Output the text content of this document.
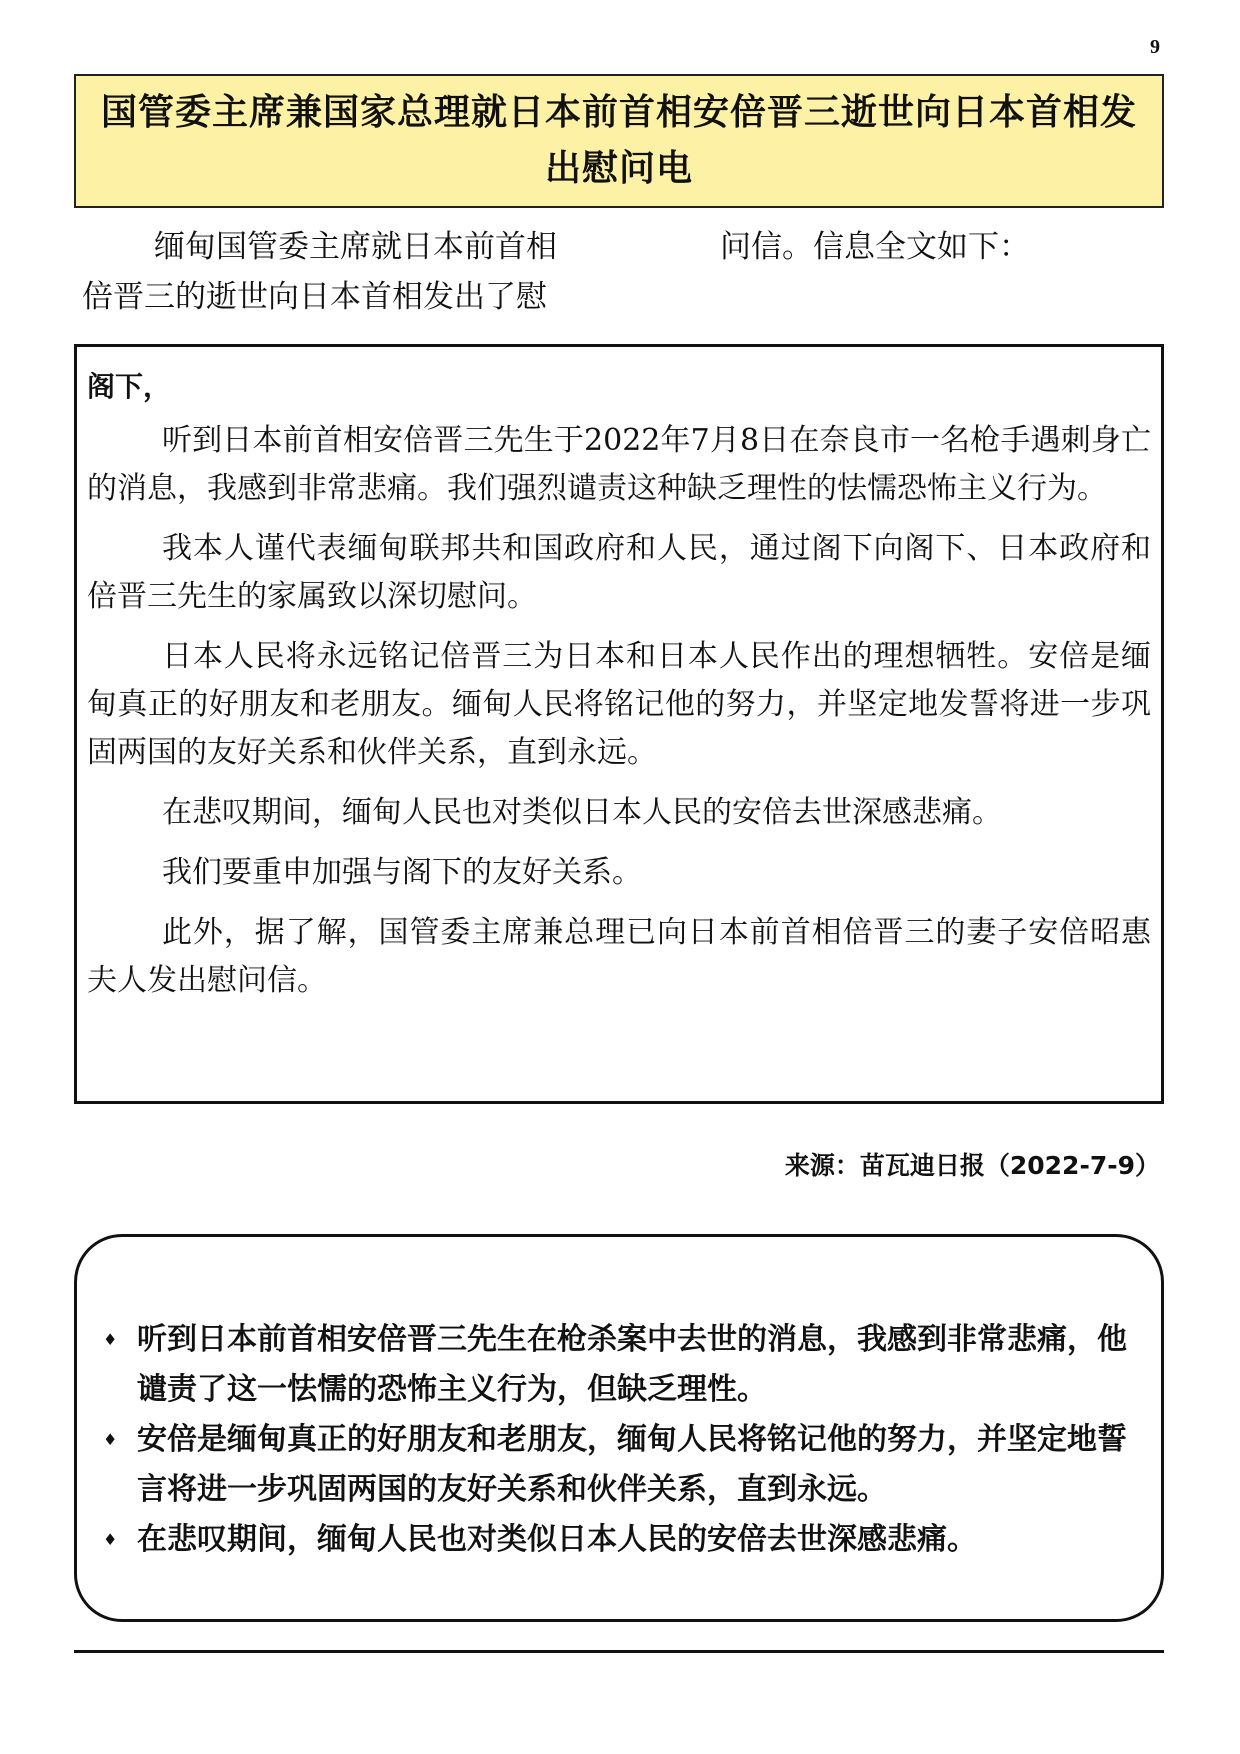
9
国管委主席兼国家总理就日本前首相安倍晋三逝世向日本首相发出慰问电
缅甸国管委主席就日本前首相
倍晋三的逝世向日本首相发出了慰
问信。信息全文如下：
阁下，

听到日本前首相安倍晋三先生于2022年7月8日在奈良市一名枪手遇刺身亡的消息，我感到非常悲痛。我们强烈谴责这种缺乏理性的怯懦恐怖主义行为。

我本人谨代表缅甸联邦共和国政府和人民，通过阁下向阁下、日本政府和倍晋三先生的家属致以深切慰问。

日本人民将永远铭记倍晋三为日本和日本人民作出的理想牺牲。安倍是缅甸真正的好朋友和老朋友。缅甸人民将铭记他的努力，并坚定地发誓将进一步巩固两国的友好关系和伙伴关系，直到永远。

在悲叹期间，缅甸人民也对类似日本人民的安倍去世深感悲痛。

我们要重申加强与阁下的友好关系。

此外，据了解，国管委主席兼总理已向日本前首相倍晋三的妻子安倍昭惠夫人发出慰问信。

来源：苗瓦迪日报（2022-7-9）
♦ 听到日本前首相安倍晋三先生在枪杀案中去世的消息，我感到非常悲痛，他谴责了这一怯懦的恐怖主义行为，但缺乏理性。
♦ 安倍是缅甸真正的好朋友和老朋友，缅甸人民将铭记他的努力，并坚定地誓言将进一步巩固两国的友好关系和伙伴关系，直到永远。
♦ 在悲叹期间，缅甸人民也对类似日本人民的安倍去世深感悲痛。
